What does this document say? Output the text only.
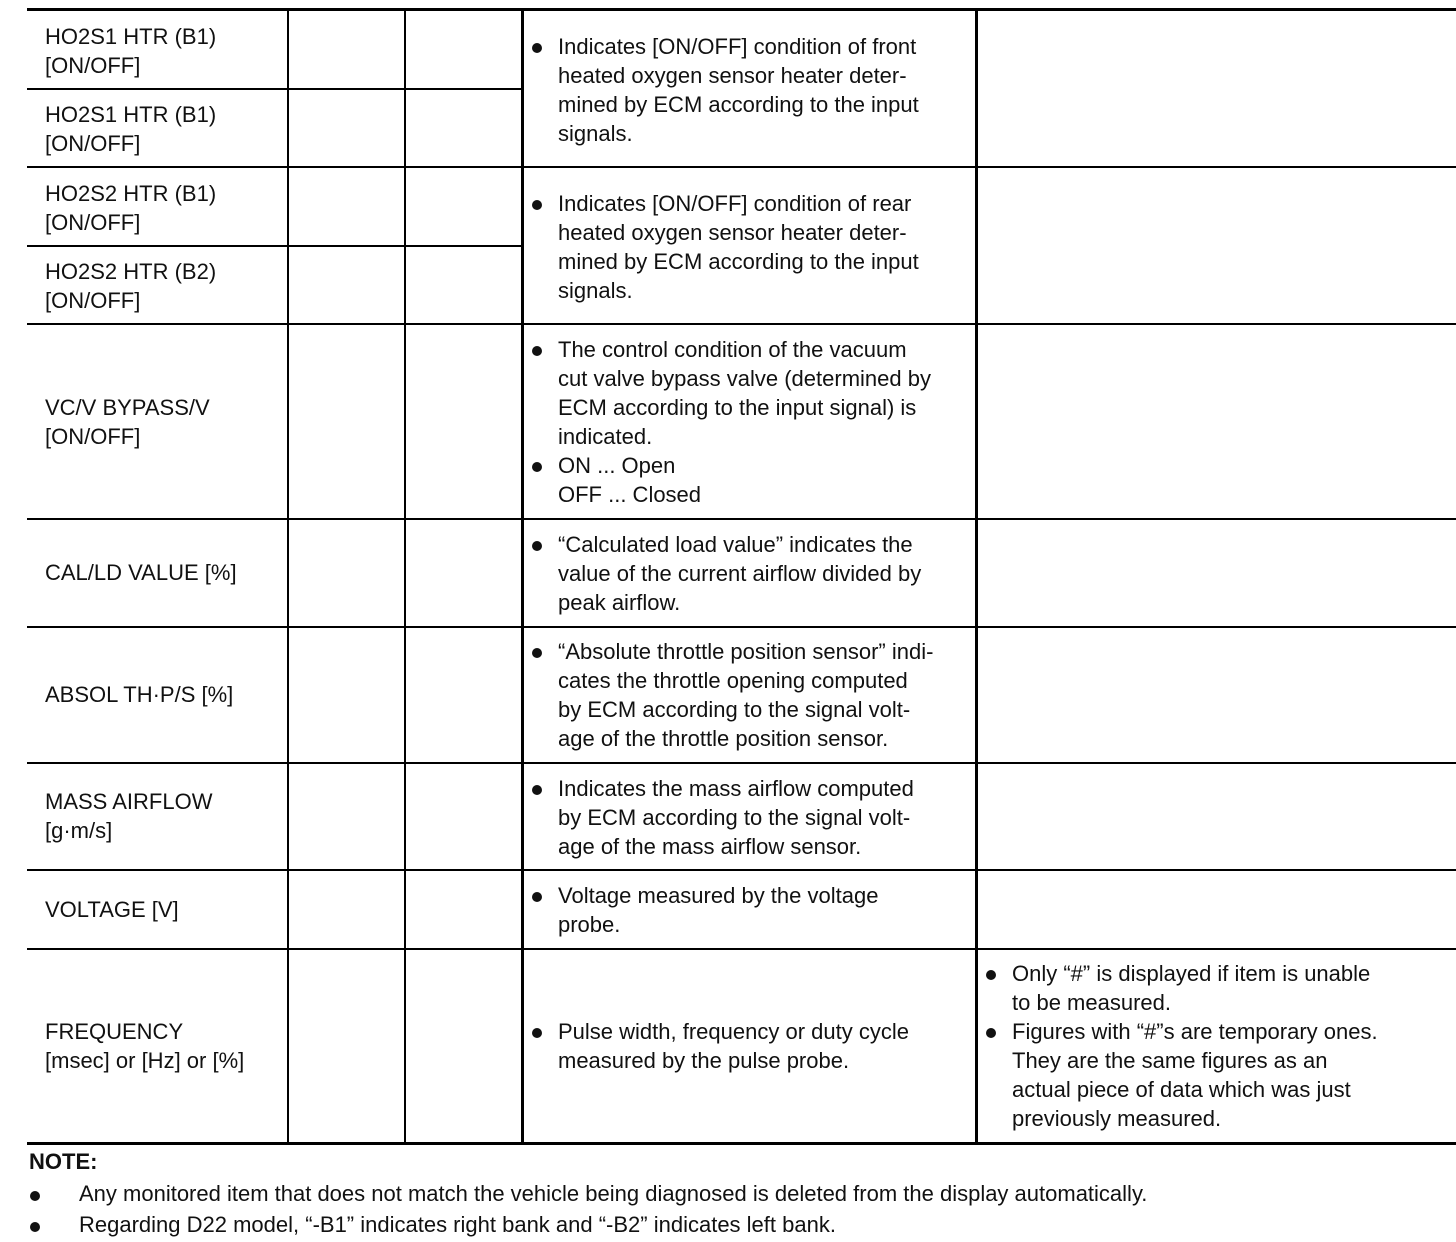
HO2S1 HTR (B1)
[ON/OFF]
HO2S1 HTR (B1)
[ON/OFF]
HO2S2 HTR (B1)
[ON/OFF]
HO2S2 HTR (B2)
[ON/OFF]
VC/V BYPASS/V
[ON/OFF]
CAL/LD VALUE [%]
ABSOL TH·P/S [%]
MASS AIRFLOW
[g·m/s]
VOLTAGE [V]
FREQUENCY
[msec] or [Hz] or [%]
Indicates [ON/OFF] condition of front
heated oxygen sensor heater deter-
mined by ECM according to the input
signals.
Indicates [ON/OFF] condition of rear
heated oxygen sensor heater deter-
mined by ECM according to the input
signals.
The control condition of the vacuum
cut valve bypass valve (determined by
ECM according to the input signal) is
indicated.
ON ... Open
OFF ... Closed
“Calculated load value” indicates the
value of the current airflow divided by
peak airflow.
“Absolute throttle position sensor” indi-
cates the throttle opening computed
by ECM according to the signal volt-
age of the throttle position sensor.
Indicates the mass airflow computed
by ECM according to the signal volt-
age of the mass airflow sensor.
Voltage measured by the voltage
probe.
Pulse width, frequency or duty cycle
measured by the pulse probe.
Only “#” is displayed if item is unable
to be measured.
Figures with “#”s are temporary ones.
They are the same figures as an
actual piece of data which was just
previously measured.
NOTE:
Any monitored item that does not match the vehicle being diagnosed is deleted from the display automatically.
Regarding D22 model, “-B1” indicates right bank and “-B2” indicates left bank.
